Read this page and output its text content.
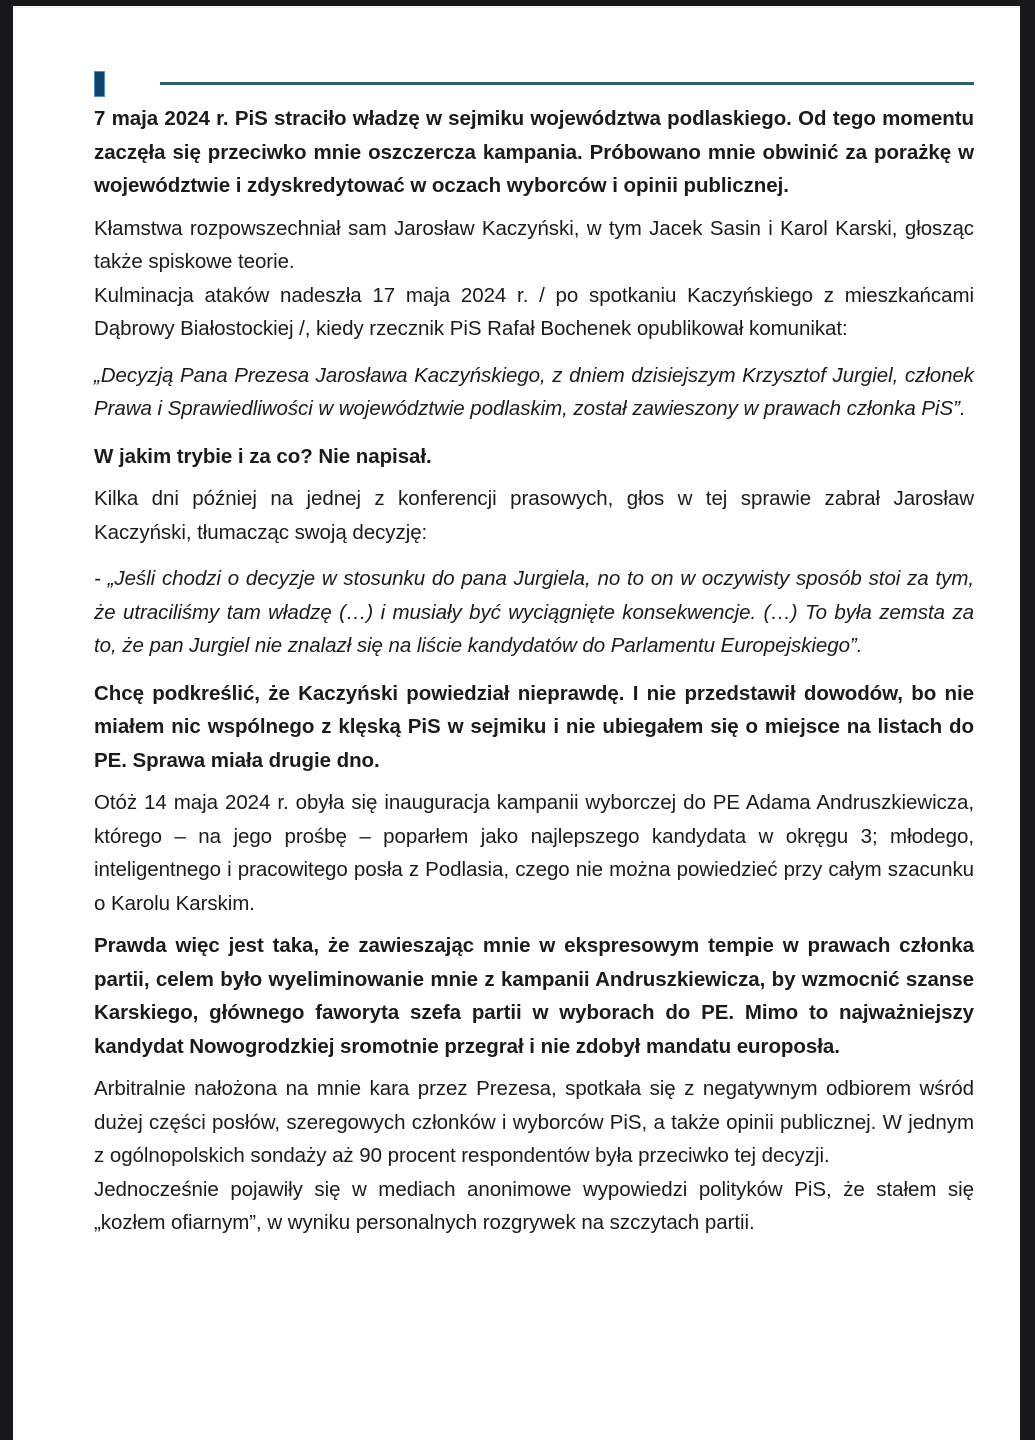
7 maja 2024 r. PiS straciło władzę w sejmiku województwa podlaskiego. Od tego momentu zaczęła się przeciwko mnie oszczercza kampania. Próbowano mnie obwinić za porażkę w województwie i zdyskredytować w oczach wyborców i opinii publicznej.

Kłamstwa rozpowszechniał sam Jarosław Kaczyński, w tym Jacek Sasin i Karol Karski, głosząc także spiskowe teorie.

Kulminacja ataków nadeszła 17 maja 2024 r. / po spotkaniu Kaczyńskiego z mieszkańcami Dąbrowy Białostockiej /, kiedy rzecznik PiS Rafał Bochenek opublikował komunikat:

„Decyzją Pana Prezesa Jarosława Kaczyńskiego, z dniem dzisiejszym Krzysztof Jurgiel, członek Prawa i Sprawiedliwości w województwie podlaskim, został zawieszony w prawach członka PiS”.

W jakim trybie i za co? Nie napisał.

Kilka dni później na jednej z konferencji prasowych, głos w tej sprawie zabrał Jarosław Kaczyński, tłumacząc swoją decyzję:

- „Jeśli chodzi o decyzje w stosunku do pana Jurgiela, no to on w oczywisty sposób stoi za tym, że utraciliśmy tam władzę (…) i musiały być wyciągnięte konsekwencje. (…) To była zemsta za to, że pan Jurgiel nie znalazł się na liście kandydatów do Parlamentu Europejskiego”.

Chcę podkreślić, że Kaczyński powiedział nieprawdę. I nie przedstawił dowodów, bo nie miałem nic wspólnego z klęską PiS w sejmiku i nie ubiegałem się o miejsce na listach do PE. Sprawa miała drugie dno.

Otóż 14 maja 2024 r. obyła się inauguracja kampanii wyborczej do PE Adama Andruszkiewicza, którego – na jego prośbę – poparłem jako najlepszego kandydata w okręgu 3; młodego, inteligentnego i pracowitego posła z Podlasia, czego nie można powiedzieć przy całym szacunku o Karolu Karskim.

Prawda więc jest taka, że zawieszając mnie w ekspresowym tempie w prawach członka partii, celem było wyeliminowanie mnie z kampanii Andruszkiewicza, by wzmocnić szanse Karskiego, głównego faworyta szefa partii w wyborach do PE. Mimo to najważniejszy kandydat Nowogrodzkiej sromotnie przegrał i nie zdobył mandatu europosła.

Arbitralnie nałożona na mnie kara przez Prezesa, spotkała się z negatywnym odbiorem wśród dużej części posłów, szeregowych członków i wyborców PiS, a także opinii publicznej. W jednym z ogólnopolskich sondaży aż 90 procent respondentów była przeciwko tej decyzji.

Jednocześnie pojawiły się w mediach anonimowe wypowiedzi polityków PiS, że stałem się „kozłem ofiarnym”, w wyniku personalnych rozgrywek na szczytach partii.
